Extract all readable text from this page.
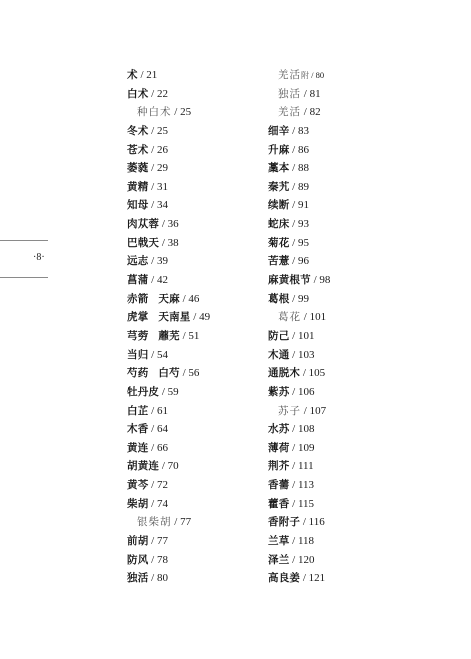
·8·
术 / 21
白术 / 22
种白术 / 25
冬术 / 25
苍术 / 26
萎蕤 / 29
黄精 / 31
知母 / 34
肉苁蓉 / 36
巴戟天 / 38
远志 / 39
菖蒲 / 42
赤箭 天麻 / 46
虎掌 天南星 / 49
芎䓖 蘼芜 / 51
当归 / 54
芍药 白芍 / 56
牡丹皮 / 59
白芷 / 61
木香 / 64
黄连 / 66
胡黄连 / 70
黄芩 / 72
柴胡 / 74
银柴胡 / 77
前胡 / 77
防风 / 78
独活 / 80
羌活附 / 80
独活 / 81
羌活 / 82
细辛 / 83
升麻 / 86
藁本 / 88
秦艽 / 89
续断 / 91
蛇床 / 93
菊花 / 95
苦薏 / 96
麻黄根节 / 98
葛根 / 99
葛花 / 101
防己 / 101
木通 / 103
通脱木 / 105
紫苏 / 106
苏子 / 107
水苏 / 108
薄荷 / 109
荆芥 / 111
香薷 / 113
藿香 / 115
香附子 / 116
兰草 / 118
泽兰 / 120
高良姜 / 121
